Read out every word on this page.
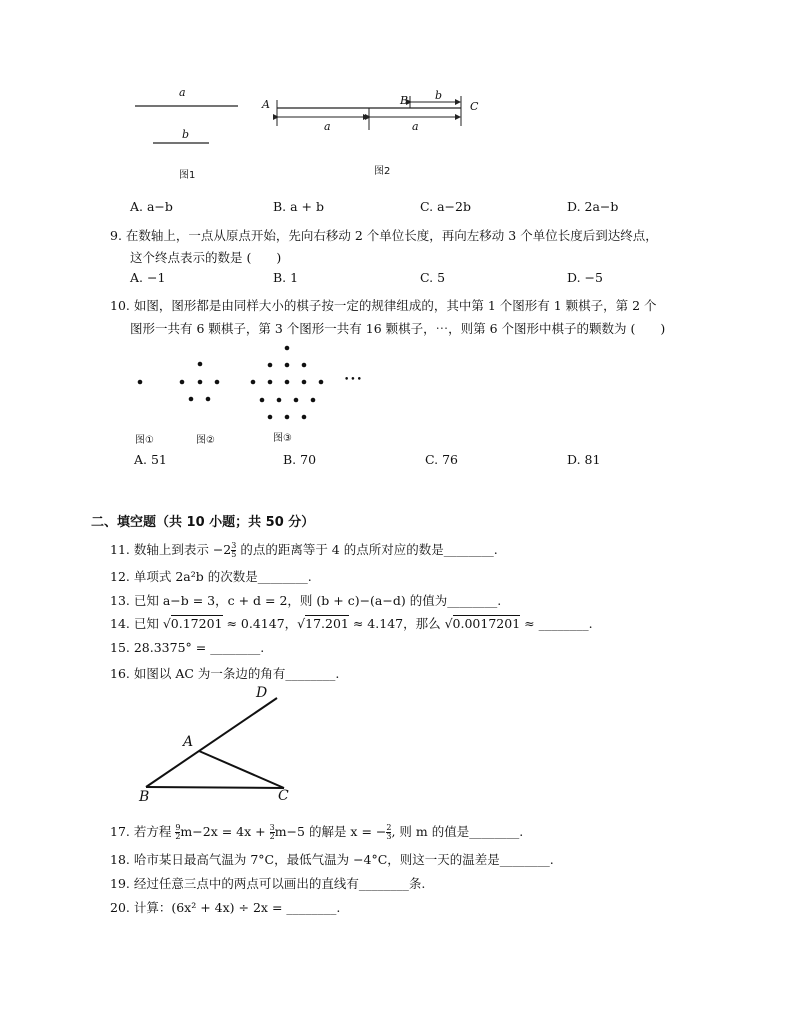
a
b
图1
A	B	C
b
a	a
图2
A. a−b	B. a + b	C. a−2b	D. 2a−b
9. 在数轴上，一点从原点开始，先向右移动 2 个单位长度，再向左移动 3 个单位长度后到达终点，
这个终点表示的数是 (　　)
A. −1	B. 1	C. 5	D. −5
10. 如图，图形都是由同样大小的棋子按一定的规律组成的，其中第 1 个图形有 1 颗棋子，第 2 个
图形一共有 6 颗棋子，第 3 个图形一共有 16 颗棋子，⋯，则第 6 个图形中棋子的颗数为 (　　)
•••
图①	图②	图③
A. 51	B. 70	C. 76	D. 81
二、填空题（共 10 小题；共 50 分）
11. 数轴上到表示 $-2 \frac{3}{5}$ 的点的距离等于 4 的点所对应的数是________.
12. 单项式 2a²b 的次数是________.
13. 已知 a−b = 3，c + d = 2，则 (b + c)−(a−d) 的值为________.
14. 已知 √0.17201 ≈ 0.4147，√17.201 ≈ 4.147，那么 √0.0017201 ≈ ________.
15. 28.3375° = ________.
16. 如图以 AC 为一条边的角有________.
D
A
B	C
17. 若方程 $\frac{9}{2} m-2x = 4x + \frac{3}{2} m-5$ 的解是 x = − $\frac{2}{3}$ , 则 m 的值是________.
18. 哈市某日最高气温为 7°C，最低气温为 −4°C，则这一天的温差是________.
19. 经过任意三点中的两点可以画出的直线有________条.
20. 计算：(6x² + 4x) ÷ 2x = ________.
